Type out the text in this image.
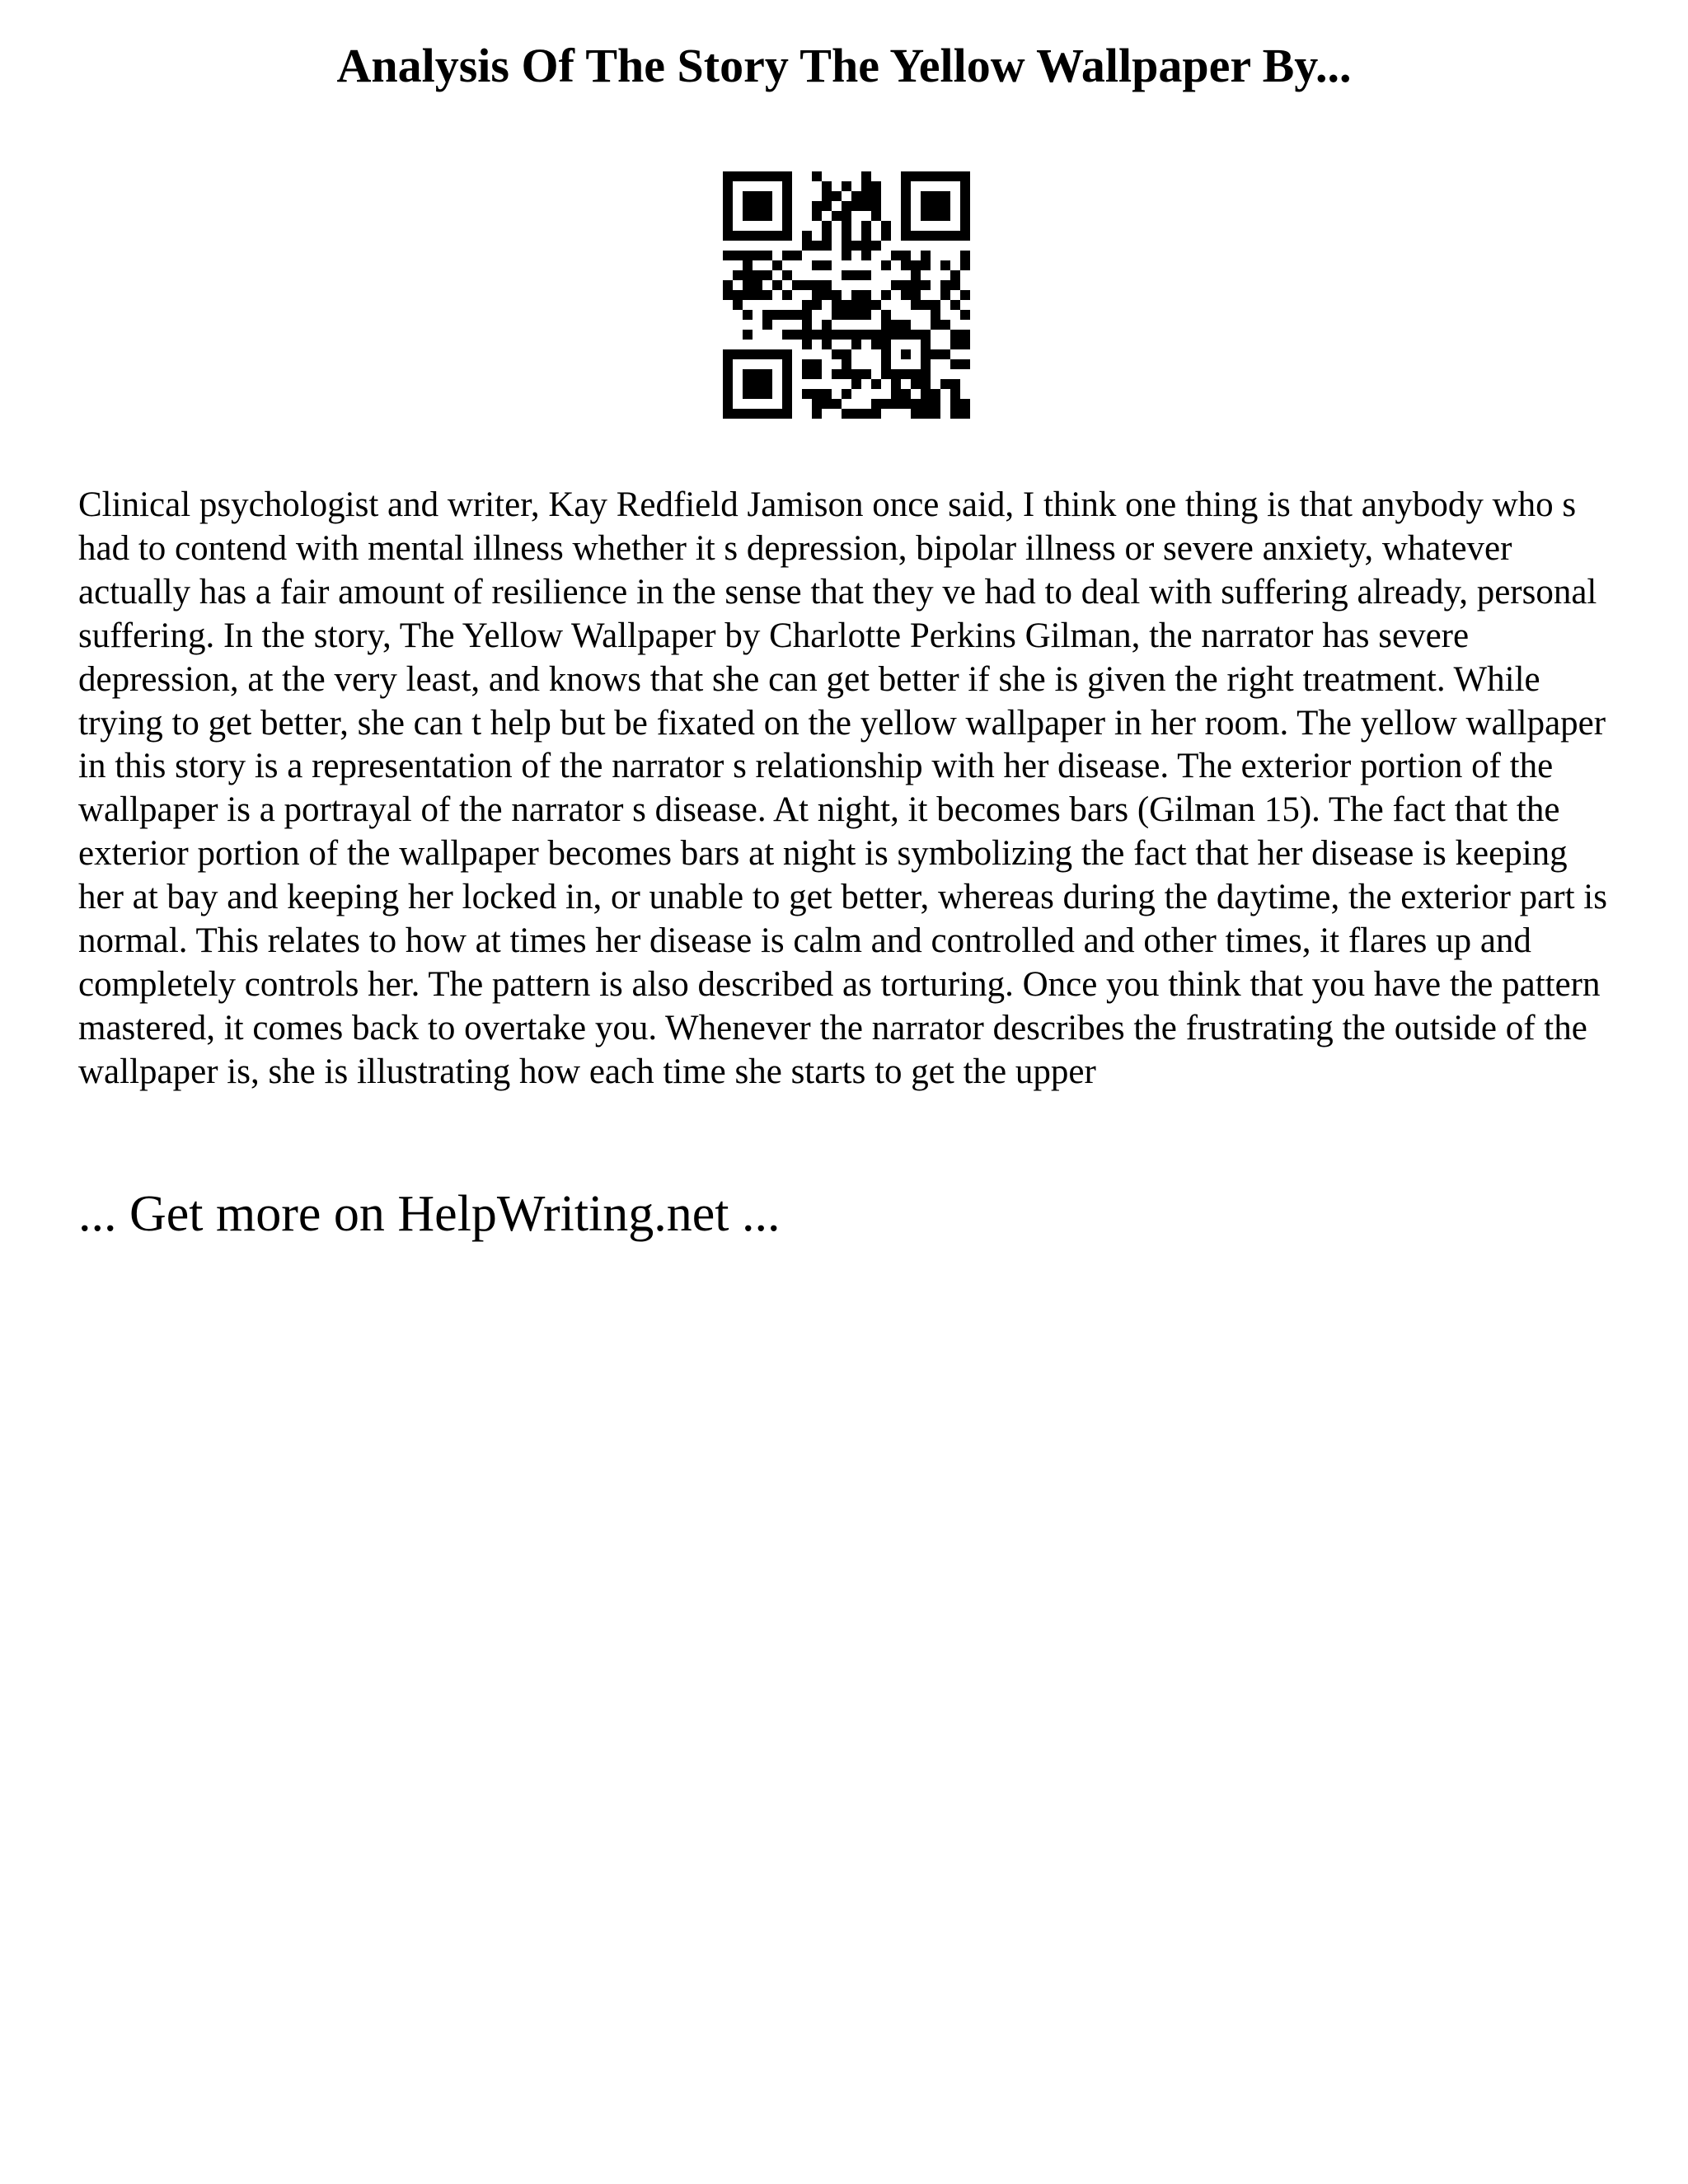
Analysis Of The Story The Yellow Wallpaper By...

Clinical psychologist and writer, Kay Redfield Jamison once said, I think one thing is that anybody who s had to contend with mental illness whether it s depression, bipolar illness or severe anxiety, whatever actually has a fair amount of resilience in the sense that they ve had to deal with suffering already, personal suffering. In the story, The Yellow Wallpaper by Charlotte Perkins Gilman, the narrator has severe depression, at the very least, and knows that she can get better if she is given the right treatment. While trying to get better, she can t help but be fixated on the yellow wallpaper in her room. The yellow wallpaper in this story is a representation of the narrator s relationship with her disease. The exterior portion of the wallpaper is a portrayal of the narrator s disease. At night, it becomes bars (Gilman 15). The fact that the exterior portion of the wallpaper becomes bars at night is symbolizing the fact that her disease is keeping her at bay and keeping her locked in, or unable to get better, whereas during the daytime, the exterior part is normal. This relates to how at times her disease is calm and controlled and other times, it flares up and completely controls her. The pattern is also described as torturing. Once you think that you have the pattern mastered, it comes back to overtake you. Whenever the narrator describes the frustrating the outside of the wallpaper is, she is illustrating how each time she starts to get the upper

... Get more on HelpWriting.net ...
